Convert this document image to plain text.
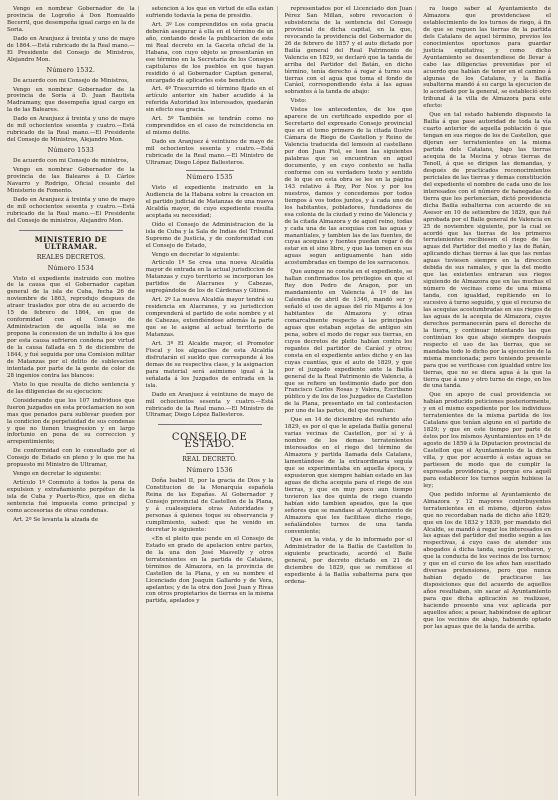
Vengo en nombrar Gobernador de la provincia de Logroño á Don Romualdo Becerril, que desempeña igual cargo en la de Soria.

Dado en Aranjuez á treinta y uno de mayo de 1864.—Está rubricado de la Real mano.—El Presidente del Consejo de Ministros, Alejandro Mon.

Número 1532.

De acuerdo con mi Consejo de Ministros,

Vengo en nombrar Gobernador de la provincia de Soria á D. Juan Bautista Madramany, que desempeña igual cargo en la de las Baleares.

Dado en Aranjuez á treinta y uno de mayo de mil ochocientos sesenta y cuatro.—Está rubricado de la Real mano.—El Presidente del Consejo de Ministros, Alejandro Mon.

Número 1533

De acuerdo con mi Consejo de ministros,

Vengo en nombrar Gobernador de la provincia de las Baleares á D. Cárlos Navarro y Rodrigo, Oficial cesante del Ministerio de Fomento.

Dado en Aranjuez á treinta y uno de mayo de mil ochocientos sesenta y cuatro.—Está rubricado de la Real mano.—El Presidente del Consejo de ministros, Alejandro Mon.

MINISTERIO DE ULTRAMAR.
REALES DECRETOS.
Número 1534

Visto el expediente instruido con motivo de la causa que el Gobernador capitan general de la isla de Cuba, fecha 26 de noviembre de 1863, reprodujo despues de atraer traslados por otra de su acuerdo de 15 de febrero de 1864, en que de conformidad con el Consejo de Administracion de aquella isla se me propone la concesion de un indulto á los que por esta causa sufrieron condena por virtud de la causa fallada en 5 de diciembre de 1844, y fué seguida por una Comision militar de Matanzas por el delito de sublevacion intentada por parte de la gente de color de 28 ingenios contra las blancos:

Visto lo que resulta de dicho sentencia y de las diligencias de su ejecucion:

Considerando que los 107 individuos que fueron juzgados en esta proclamacion no son mas que penados para sublevar pueden por la condicion de perpetuidad de sus condenas y que no tienen trasgresion y en largo infortunio en pena de su correccion y arrepentimiento;

De conformidad con lo consultado por el Consejo de Estado en pleno y lo que me ha propuesto mi Ministro de Ultramar,

Vengo en decretar lo siguiente:

Artículo 1º Conmuto á todos la pena de expulsion y extrañamiento perpétuo de la isla de Cuba y Puerto-Rico, que en dicha sentencia fué impuesta como principal y como accesorias de otras condenas.

Art. 2º Se levanta la alzada de

setencion á los que en virtud de ella están sufriendo todavía la pena de presidio.

Art. 3º Los comprendidos en esta gracia deberán asegurar á ella en el término de un año, contando desde la publicacion de este mi Real decreto en la Gaceta oficial de la Habana, con cuyo objeto se presentarán en ese término en la Secretaría de los Consejos capitulares de los pueblos en que hayan residido ó al Gobernador Capitan general, encargado de aplicarles este beneficio.

Art. 4º Trascurrido el término fijado en el artículo anterior sin haber acudido á la referida Autoridad los interesados, quedarán sin efecto esa gracia.

Art. 5º También se tendrán como no comprendidos en el caso de reincidencia en el mismo delito.

Dado en Aranjuez á veintiuno de mayo de mil ochocientos sesenta y cuatro.—Está rubricado de la Real mano.—El Ministro de Ultramar, Diego López Ballesteros.

Número 1535

Visto el expediente instruido en la Audiencia de la Habana sobre la creacion en el partido judicial de Matanzas de una nueva Alcaldía mayor, de cuyo expediente resulta aceptada su necesidad;

Oído el Consejo de Administracion de la isla de Cuba y la Sala de Indias del Tribunal Supremo de Justicia, y de conformidad con el Consejo de Estado,

Vengo en decretar lo siguiente:

Artículo 1º Se crea una nueva Alcaldía mayor de entrada en la actual jurisdiccion de Matanzas y cuyo territorio se incorporan los partidos de Alacranes y Cabezas, segregándolos de los de Cárdenas y Güines.

Art. 2º La nueva Alcaldía mayor tendrá su residencia en Alacranes, y su jurisdiccion comprenderá el partido de este nombre y el de Cabezas, extendiéndose además la parte que se le asigne al actual territorio de Matanzas.

Art. 3º El Alcalde mayor, el Promotor Fiscal y los alguaciles de esta Alcaldía disfrutarán el sueldo que corresponde á los demas de su respectiva clase, y la asignacion para material será asimismo igual á la señalada á los Juzgados de entrada en la isla.

Dado en Aranjuez á veintiuno de mayo de mil ochocientos sesenta y cuatro.—Está rubricado de la Real mano.—El Ministro de Ultramar, Diego López Ballesteros.

CONSEJO DE ESTADO.
REAL DECRETO.
Número 1536

Doña Isabel II, por la gracia de Dios y la Constitucion de la Monarquía española Reina de las Españas. Al Gobernador y Consejo provincial de Castellon de la Plana, y á cualesquiera otras Autoridades y personas á quienes toque su observancia y cumplimiento, sabed: que he venido en decretar lo siguiente:

«En el pleito que pende en el Consejo de Estado en grado de apelacion entre partes, de la una don José Masvelly y otros terratenientes en la partida de Catalans, términos de Almazora, en la provincia de Castellon de la Plana, y en su nombre el Licenciado don Joaquin Gallardo y de Vera, apelantes; y de la otra don José Juan y Rivas con otros propietarios de tierras en la misma partida, apelados y

representados por el Licenciado don Juan Pérez San Millan, sobre revocacion ó subsistencia de la sentencia del Consejo provincial de dicha capital, en la que, revocando la providencia del Gobernador de 26 de febrero de 1857 y el auto dictado por Bailía general del Real Patrimonio de Valencia en 1829, se declaró que la tanda de arriba del Partidor del Batán, en dicho término, tenía derecho á regar á turno sus tierras con el agua que toma el fondo de Caráol, correspondiendo ésta á las aguas sobrantes á la tanda de abajo:

Visto:

Vistos los antecedentes, de los que aparece de un certificado expedido por el Secretario del expresado Consejo provincial que en el tomo primero de la citada Ilustre Cámara de Riego de Castellon y Reino de Valencia traducida del lemosin al castellano por don Juan Fiol, se leen las siguientes palabras que se encuentran en aquel documento, y en cuyo contexto se halla conforme con su verdadero texto y sentido de lo que en esta obra se lee en la página 143 relativo á Rey, Por Nos y por los nuestros, damos y concedemos por todos tiempos á vos todos juntos, y á cada uno de los habitantes, pobladores, fundadores de esa colonia de la ciudad y reino de Valencia y de la citada Almazora y de aquel reino, todas y cada una de las acequias con las aguas y manantiales, y tambien las de las fuentes, de cuyas acequias y fuentes puedan regar ó de estar en el sino libre, y que las tomen en sus aguas segun antiguamente han sido acostumbradas en tiempo de los sarracenos.

Que aunque no consta en el expediente, se hallan confirmados los privilegios en que el Rey don Pedro de Aragon, por un mandamiento en Valencia á 1º de las Calendas de abril de 1346, mandó ser y señaló el uso de aguas del río Mijares á los habitantes de Almazora y otras comarcalmente respecto á las principales aguas que estaban sujetas de antiguo sin pena, sobre el modo de regar sus tierras, en cuyos decretos de pleito habían contra los regantes del partidor de Caráol y otros; consta en el expediente antes dicho y en las cuyas cuantías, que el auto de 1829, y que por el juzgado expediente ante la Bailía general de la Real Patrimonio de Valencia, á que se refiere un testimonio dado por don Francisco Carlos Rosas y Valera, Escribano público y de los de los Juzgados de Castellon de la Plana, presentado en tal contestacion por uno de las partes, del que resultan:

Que en 14 de diciembre del referido año 1829, es por el que le apelada Bailía general varias vecinas de Castellon, por sí y á nombre de los demas terratenientes interesados en el riego del término de Almazora y partida llamada dels Catalans, lamentándose de la extraordinaria seguía que se experimentaba en aquella época, y expusieron que siempre habían estado en las aguas de dicha acequia para el riego de sus tierras, y que en muy poco aun tiempo tuvieron las dos quinta de riego cuando habían sido tambien apeados, que la que señores que se mandase al Ayuntamiento de Almazora que les facilitase dicho riego, señalándoles turnos de una tanda conveniente;

Que en la vista, y de lo informado por el Administrador de la Bailía de Castellon lo siguiente practicado, acordó el Baile general, por decreto dictado en 21 de diciembre de 1829, que se remitiese el expediente á la Bailía subalterna para que ordena-

ra luego saber al Ayuntamiento de Almazora que providenciase el establecimiento de los turnos de riego, á fin de que se reguen las tierras de la partida dels Catalans de aquel término, previos los conocimientos oportunos para guardar justicia equitativa; y como dicho Ayuntamiento se desentendiese de llevar á cabo las diligencias prevenidas por el acuerdo que habían de tener en el camino á algunas de los Catalans, y la Bailía subalterna mandó á su cargo la ejecucion de lo acordado por la general, se estableció otro tribunal á la villa de Almazora para este efecto:

Que en tal estado habiendo dispuesto la Bailía á que pase autoridad de toda la vía cuarto anterior de aquella población ó que tengan en sus riegos de los de Castellon, que dijeran ser terratenientes en la misma partida dels Catalans, bajo las tierras acequia de la Mecina y otras tierras de Tenoll, á que se dirigen las demandas, y después de practicados reconocimientos periciales de las tierras y demas constitución del expediente el nombre de cada uno de los interesados con el número de hanegadas de tierra que les pertenecían, dictó providencia dicha Bailía subalterna con acuerdo de su Asesor en 10 de setiembre de 1829, que fué aprobada por el Baile general de Valencia en 25 de noviembre siguiente, por la cual se acordó que las tierras de los primeros terratenientes recibiesen el riego de las aguas del Partidor del medio y las de Batán, aplicando dichas tierras á las que las rentas aguas tuviesen siempre en la direccion debida de sus ramales, y que la del medio que las existentes entraran sus riegos siguiendo de Almazora que en las muchas el número de vecinas como de una misma tanda, con igualdad, repitiendo en lo sucesivo á turno seguido, y que el recurso de las acequias acostumbradas en sus riegos de las aguas de la acequia de Almazora, cuyos derechos permanecerán para el derecho de la tierra, y continuar intentando las que continúan los que abajo siempre después respecto el uso de las tierras, que se mandaba todo lo dicho por la ejecucion de la misma mencionada; pero teniendo presente para que se verificase con igualdad entre los tierras, que no se diera agua á la que la tierra que á uno y otro turno de riego, en los de una tanda.

Que en apoyo de cual providencia se habían producido peticiones posteriormente, y en el mismo expediente por los individuos terratenientes de la misma partida de los Catalans que tenían alguno en el partido de 1829; y que en este tiempo por parte de éstos por los mismos Ayuntamientos en 1º de agosto de 1859 á la Diputacion provincial de Castellon que el Ayuntamiento de la dicha villa, y que por acuerdo á estas aguas se partiesen de modo que de cumplir la expresada providencia, y porque era aquél para establecer los turnos según hubiese la ley;

Que pedido informe al Ayuntamiento de Almazora y 12 mayores contribuyentes terratenientes en el mismo, dijeron éstos que no recordaban nada de dicho año 1829; que en los de 1832 y 1839, por mandato del Alcalde, se mandó á regar los interesados en las aguas del partidor del medio según a las respectivas, á cuyo caso de atender sus abogados á dicha tanda, según probaron, y que la conducta de los vecinos de los turnos; y que en el curso de los años han suscitado diversas pretensiones, pero que nunca habían dejado de practicarse las disposiciones que del acuerdo de aquellos años resultaban, sin sacar al Ayuntamiento para que dicha aplicación se realizase, haciendo presente una vez aplicada por aquellos años; a pesar, habiéndose de aplicar que los vecinos de abajo, habiendo optado por las aguas que de la tanda de arriba.
